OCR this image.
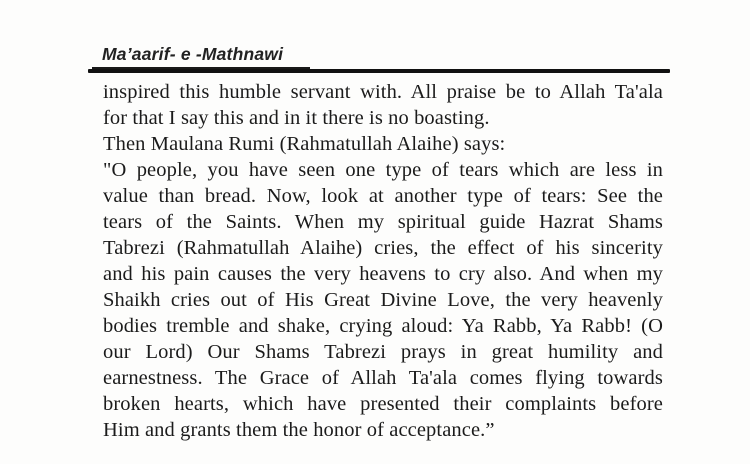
Ma’aarif- e -Mathnawi
inspired this humble servant with. All praise be to Allah Ta'ala
for that I say this and in it there is no boasting.
Then Maulana Rumi (Rahmatullah Alaihe) says:
"O people, you have seen one type of tears which are less in
value than bread. Now, look at another type of tears: See the
tears of the Saints. When my spiritual guide Hazrat Shams
Tabrezi (Rahmatullah Alaihe) cries, the effect of his sincerity
and his pain causes the very heavens to cry also. And when my
Shaikh cries out of His Great Divine Love, the very heavenly
bodies tremble and shake, crying aloud: Ya Rabb, Ya Rabb! (O
our Lord) Our Shams Tabrezi prays in great humility and
earnestness. The Grace of Allah Ta'ala comes flying towards
broken hearts, which have presented their complaints before
Him and grants them the honor of acceptance.”
